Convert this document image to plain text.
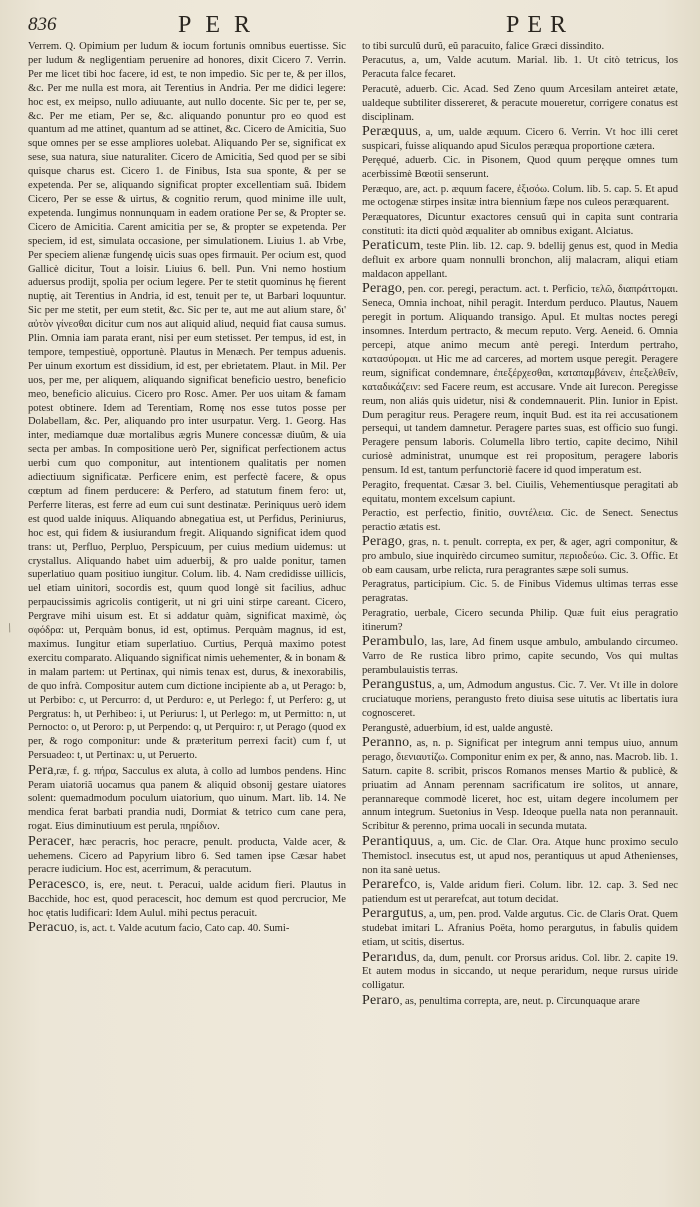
836	PER	PER
/

Verrem. Q. Opimium per ludum & iocum fortunis omnibus euertisse. Sic per ludum & negligentiam peruenire ad honores, dixit Cicero 7. Verrin. Per me licet tibi hoc facere, id est, te non impedio. Sic per te, & per illos, &c. Per me nulla est mora, ait Terentius in Andria. Per me didici legere: hoc est, ex meipso, nullo adiuuante, aut nullo docente. Sic per te, per se, &c. Per me etiam, Per se, &c. aliquando ponuntur pro eo quod est quantum ad me attinet, quantum ad se attinet, &c. Cicero de Amicitia, Suo sque omnes per se esse ampliores uolebat. Aliquando Per se, significat ex sese, sua natura, siue naturaliter. Cicero de Amicitia, Sed quod per se sibi quisque charus est. Cicero 1. de Finibus, Ista sua sponte, & per se expetenda. Per se, aliquando significat propter excellentiam suã. Ibidem Cicero, Per se esse & uirtus, & cognitio rerum, quod minime ille uult, expetenda. Iungimus nonnunquam in eadem oratione Per se, & Propter se. Cicero de Amicitia. Carent amicitia per se, & propter se expetenda. Per speciem, id est, simulata occasione, per simulationem. Liuius 1. ab Vrbe, Per speciem alienæ fungendę uicis suas opes firmauit. Per ocium est, quod Gallicè dicitur, Tout a loisir. Liuius 6. bell. Pun. Vni nemo hostium aduersus prodijt, spolia per ocium legere. Per te stetit quominus hę fierent nuptię, ait Terentius in Andria, id est, tenuit per te, ut Barbari loquuntur. Sic per me stetit, per eum stetit, &c. Sic per te, aut me aut alium stare, δι' αὐτὸν γίνεσθαι dicitur cum nos aut aliquid aliud, nequid fiat causa sumus. Plin. Omnia iam parata erant, nisi per eum stetisset. Per tempus, id est, in tempore, tempestiuè, opportunè. Plautus in Menæch. Per tempus aduenis. Per uinum exortum est dissidium, id est, per ebrietatem. Plaut. in Mil. Per uos, per me, per aliquem, aliquando significat beneficio uestro, beneficio meo, beneficio alicuius. Cicero pro Rosc. Amer. Per uos uitam & famam potest obtinere. Idem ad Terentiam, Romę nos esse tutos posse per Dolabellam, &c. Per, aliquando pro inter usurpatur. Verg. 1. Georg. Has inter, mediamque duæ mortalibus ægris Munere concessæ diuûm, & uia secta per ambas. In compositione uerò Per, significat perfectionem actus uerbi cum quo componitur, aut intentionem qualitatis per nomen adiectiuum significatæ. Perficere enim, est perfectè facere, & opus cœptum ad finem perducere: & Perfero, ad statutum finem fero: ut, Perferre literas, est ferre ad eum cui sunt destinatæ. Periniquus uerò idem est quod ualde iniquus. Aliquando abnegatiua est, ut Perfidus, Periniurus, hoc est, qui fidem & iusiurandum fregit. Aliquando significat idem quod trans: ut, Perfluo, Perpluo, Perspicuum, per cuius medium uidemus: ut crystallus. Aliquando habet uim aduerbij, & pro ualde ponitur, tamen superlatiuo quam positiuo iungitur. Colum. lib. 4. Nam credidisse uillicis, uel etiam uinitori, socordis est, quum quod longè sit facilius, adhuc perpaucissimis agricolis contigerit, ut ni gri uini stirpe careant. Cicero, Pergrave mihi uisum est. Et si addatur quàm, significat maximè, ὡς σφόδρα: ut, Perquàm bonus, id est, optimus. Perquàm magnus, id est, maximus. Iungitur etiam superlatiuo. Curtius, Perquà maximo potest exercitu comparato. Aliquando significat nimis uehementer, & in bonam & in malam partem: ut Pertinax, qui nimis tenax est, durus, & inexorabilis, de quo infrà. Compositur autem cum dictione incipiente ab a, ut Perago: b, ut Perbibo: c, ut Percurro: d, ut Perduro: e, ut Perlego: f, ut Perfero: g, ut Pergratus: h, ut Perhibeo: i, ut Periurus: l, ut Perlego: m, ut Permitto: n, ut Pernocto: o, ut Peroro: p, ut Perpendo: q, ut Perquiro: r, ut Perago (quod ex per, & rogo componitur: unde & præteritum perrexi facit) cum f, ut Persuadeo: t, ut Pertinax: u, ut Peruerto.

Pera,ræ, f. g. πήρα, Sacculus ex aluta, à collo ad lumbos pendens. Hinc Peram uiatoriã uocamus qua panem & aliquid obsonij gestare uiatores solent: quemadmodum poculum uiatorium, quo uinum. Mart. lib. 14. Ne mendica ferat barbati prandia nudi, Dormiat & tetrico cum cane pera, rogat. Eius diminutiuum est perula, πηρίδιον.

Peracer, hæc peracris, hoc peracre, penult. producta, Valde acer, & uehemens. Cicero ad Papyrium libro 6. Sed tamen ipse Cæsar habet peracre iudicium. Hoc est, acerrimum, & peracutum.

Peracesco, is, ere, neut. t. Peracui, ualde acidum fieri. Plautus in Bacchide, hoc est, quod peracescit, hoc demum est quod percrucior, Me hoc ętatis ludificari: Idem Aulul. mihi pectus peracuit.

Peracuo, is, act. t. Valde acutum facio, Cato cap. 40. Sumi-

to tibi surculũ durũ, eũ paracuito, falice Græci dissindito.

Peracutus, a, um, Valde acutum. Marial. lib. 1. Ut citò tetricus, los Peracuta falce fecaret.

Peracutè, aduerb. Cic. Acad. Sed Zeno quum Arcesilam anteiret ætate, ualdeque subtiliter dissereret, & peracute moueretur, corrigere conatus est disciplinam.

Peræquus, a, um, ualde æquum. Cicero 6. Verrin. Vt hoc illi ceret suspicari, fuisse aliquando apud Siculos peræqua proportione cætera.

Peręqué, aduerb. Cic. in Pisonem, Quod quum peręque omnes tum acerbissimè Bœotii senserunt.

Peræquo, are, act. p. æquum facere, ἐξισόω. Colum. lib. 5. cap. 5. Et apud me octogenæ stirpes insitæ intra biennium fæpe nos culeos peræquarent.

Peræquatores, Dicuntur exactores censuũ qui in capita sunt contraria constituti: ita dicti quòd æqualiter ab omnibus exigant. Alciatus.

Peraticum, teste Plin. lib. 12. cap. 9. bdellij genus est, quod in Media defluit ex arbore quam nonnulli bronchon, alij malacram, aliqui etiam maldacon appellant.

Perago, pen. cor. peregi, peractum. act. t. Perficio, τελῶ, διαπράττομαι. Seneca, Omnia inchoat, nihil peragit. Interdum perduco. Plautus, Nauem peregit in portum. Aliquando transigo. Apul. Et multas noctes peregi insomnes. Interdum pertracto, & mecum reputo. Verg. Aeneid. 6. Omnia percepi, atque animo mecum antè peregi. Interdum pertraho, κατασύρομαι. ut Hic me ad carceres, ad mortem usque peregit. Peragere reum, significat condemnare, ἐπεξέρχεσθαι, καταπαμβάνειν, ἐπεξελθεῖν, καταδικάζειν: sed Facere reum, est accusare. Vnde ait Iurecon. Peregisse reum, non aliás quis uidetur, nisi & condemnauerit. Plin. Iunior in Epist. Dum peragitur reus. Peragere reum, inquit Bud. est ita rei accusationem persequi, ut tandem damnetur. Peragere partes suas, est officio suo fungi. Peragere pensum laboris. Columella libro tertio, capite decimo, Nihil curiosè administrat, unumque est rei propositum, peragere laboris pensum. Id est, tantum perfunctoriè facere id quod imperatum est.

Peragito, frequentat. Cæsar 3. bel. Ciuilis, Vehementiusque peragitati ab equitatu, montem excelsum capiunt.

Peractio, est perfectio, finitio, συντέλεια. Cic. de Senect. Senectus peractio ætatis est.

Perago, gras, n. t. penult. correpta, ex per, & ager, agri componitur, & pro ambulo, siue inquirèdo circumeo sumitur, περιοδεύω. Cic. 3. Offic. Et ob eam causam, urbe relicta, rura peragrantes sæpe soli sumus.

Peragratus, participium. Cic. 5. de Finibus Videmus ultimas terras esse peragratas.

Peragratio, uerbale, Cicero secunda Philip. Quæ fuit eius peragratio itinerum?

Perambulo, las, lare, Ad finem usque ambulo, ambulando circumeo. Varro de Re rustica libro primo, capite secundo, Vos qui multas perambulauistis terras.

Perangustus, a, um, Admodum angustus. Cic. 7. Ver. Vt ille in dolore cruciatuque moriens, perangusto freto diuisa sese uitutis ac libertatis iura cognosceret.

Perangustè, aduerbium, id est, ualde angustè.

Peranno, as, n. p. Significat per integrum anni tempus uiuo, annum perago, διενιαυτίζω. Componitur enim ex per, & anno, nas. Macrob. lib. 1. Saturn. capite 8. scribit, priscos Romanos menses Martio & publicè, & priuatim ad Annam perennam sacrificatum ire solitos, ut annare, perannareque commodè liceret, hoc est, uitam degere incolumem per annum integrum. Suetonius in Vesp. Ideoque puella nata non perannauit. Scribitur & perenno, prima uocali in secunda mutata.

Perantiquus, a, um. Cic. de Clar. Ora. Atque hunc proximo seculo Themistocl. insecutus est, ut apud nos, perantiquus ut apud Athenienses, non ita sanè uetus.

Perarefco, is, Valde aridum fieri. Colum. libr. 12. cap. 3. Sed nec patiendum est ut perarefcat, aut totum decidat.

Perargutus, a, um, pen. prod. Valde argutus. Cic. de Claris Orat. Quem studebat imitari L. Afranius Poëta, homo perargutus, in fabulis quidem etiam, ut scitis, disertus.

Perarıdus, da, dum, penult. cor Prorsus aridus. Col. libr. 2. capite 19. Et autem modus in siccando, ut neque peraridum, neque rursus uiride colligatur.

Peraro, as, penultima correpta, are, neut. p. Circunquaque arare
